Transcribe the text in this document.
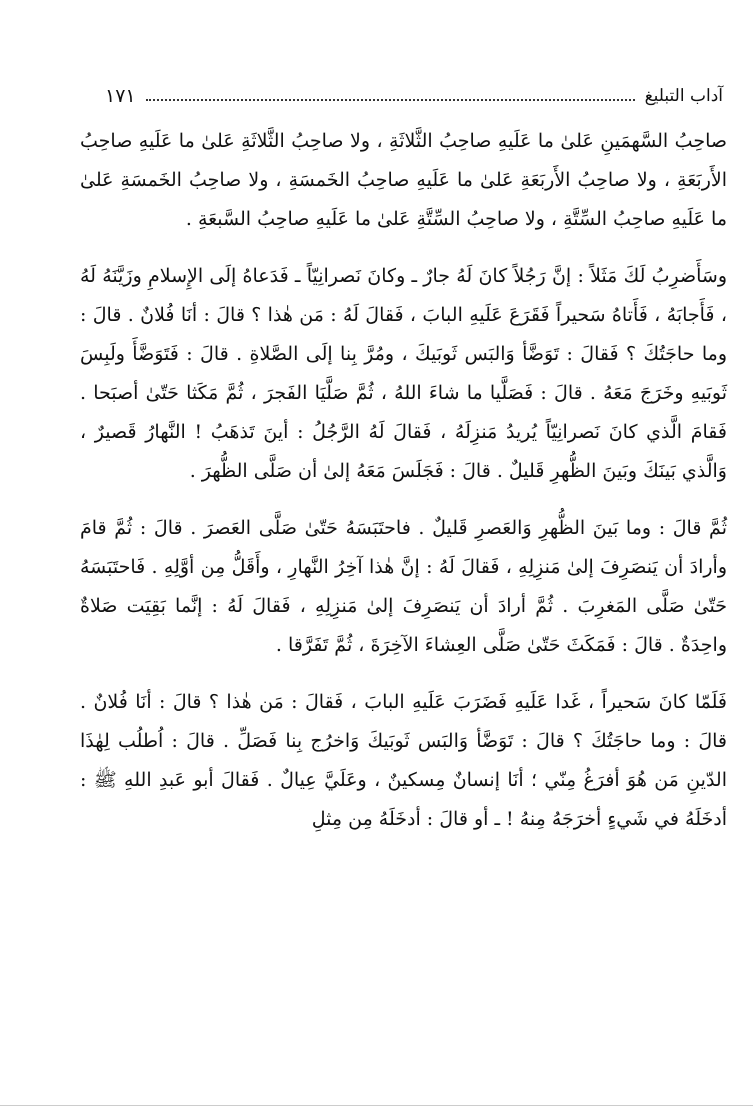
آداب التبليغ
١٧١

صاحِبُ السَّهمَينِ عَلىٰ ما عَلَيهِ صاحِبُ الثَّلاثَةِ ، ولا صاحِبُ الثَّلاثَةِ عَلىٰ ما عَلَيهِ صاحِبُ الأَربَعَةِ ، ولا صاحِبُ الأَربَعَةِ عَلىٰ ما عَلَيهِ صاحِبُ الخَمسَةِ ، ولا صاحِبُ الخَمسَةِ عَلىٰ ما عَلَيهِ صاحِبُ السِّتَّةِ ، ولا صاحِبُ السِّتَّةِ عَلىٰ ما عَلَيهِ صاحِبُ السَّبعَةِ .

وسَأَضرِبُ لَكَ مَثَلاً : إنَّ رَجُلاً كانَ لَهُ جارٌ ـ وكانَ نَصرانِيّاً ـ فَدَعاهُ إلَى الإِسلامِ وزَيَّنَهُ لَهُ ، فَأَجابَهُ ، فَأَتاهُ سَحيراً فَقَرَعَ عَلَيهِ البابَ ، فَقالَ لَهُ : مَن هٰذا ؟ قالَ : أنَا فُلانٌ . قالَ : وما حاجَتُكَ ؟ فَقالَ : تَوَضَّأ وَالبَس ثَوبَيكَ ، ومُرَّ بِنا إلَى الصَّلاةِ . قالَ : فَتَوَضَّأَ ولَبِسَ ثَوبَيهِ وخَرَجَ مَعَهُ . قالَ : فَصَلَّيا ما شاءَ اللهُ ، ثُمَّ صَلَّيَا الفَجرَ ، ثُمَّ مَكَثا حَتّىٰ أصبَحا . فَقامَ الَّذي كانَ نَصرانِيّاً يُريدُ مَنزِلَهُ ، فَقالَ لَهُ الرَّجُلُ : أينَ تَذهَبُ ! النَّهارُ قَصيرٌ ، وَالَّذي بَينَكَ وبَينَ الظُّهرِ قَليلٌ . قالَ : فَجَلَسَ مَعَهُ إلىٰ أن صَلَّى الظُّهرَ .

ثُمَّ قالَ : وما بَينَ الظُّهرِ وَالعَصرِ قَليلٌ . فاحتَبَسَهُ حَتّىٰ صَلَّى العَصرَ . قالَ : ثُمَّ قامَ وأرادَ أن يَنصَرِفَ إلىٰ مَنزِلِهِ ، فَقالَ لَهُ : إنَّ هٰذا آخِرُ النَّهارِ ، وأَقَلُّ مِن أوَّلِهِ . فَاحتَبَسَهُ حَتّىٰ صَلَّى المَغرِبَ . ثُمَّ أرادَ أن يَنصَرِفَ إلىٰ مَنزِلِهِ ، فَقالَ لَهُ : إنَّما بَقِيَت صَلاةٌ واحِدَةٌ . قالَ : فَمَكَثَ حَتّىٰ صَلَّى العِشاءَ الآخِرَةَ ، ثُمَّ تَفَرَّقا .

فَلَمّا كانَ سَحيراً ، غَدا عَلَيهِ فَضَرَبَ عَلَيهِ البابَ ، فَقالَ : مَن هٰذا ؟ قالَ : أنَا فُلانٌ . قالَ : وما حاجَتُكَ ؟ قالَ : تَوَضَّأ وَالبَس ثَوبَيكَ وَاخرُج بِنا فَصَلِّ . قالَ : اُطلُب لِهٰذَا الدّينِ مَن هُوَ أفرَغُ مِنّي ؛ أنَا إنسانٌ مِسكينٌ ، وعَلَيَّ عِيالٌ . فَقالَ أبو عَبدِ اللهِ ﷺ : أدخَلَهُ في شَيءٍ أخرَجَهُ مِنهُ ! ـ أو قالَ : أدخَلَهُ مِن مِثلِ
